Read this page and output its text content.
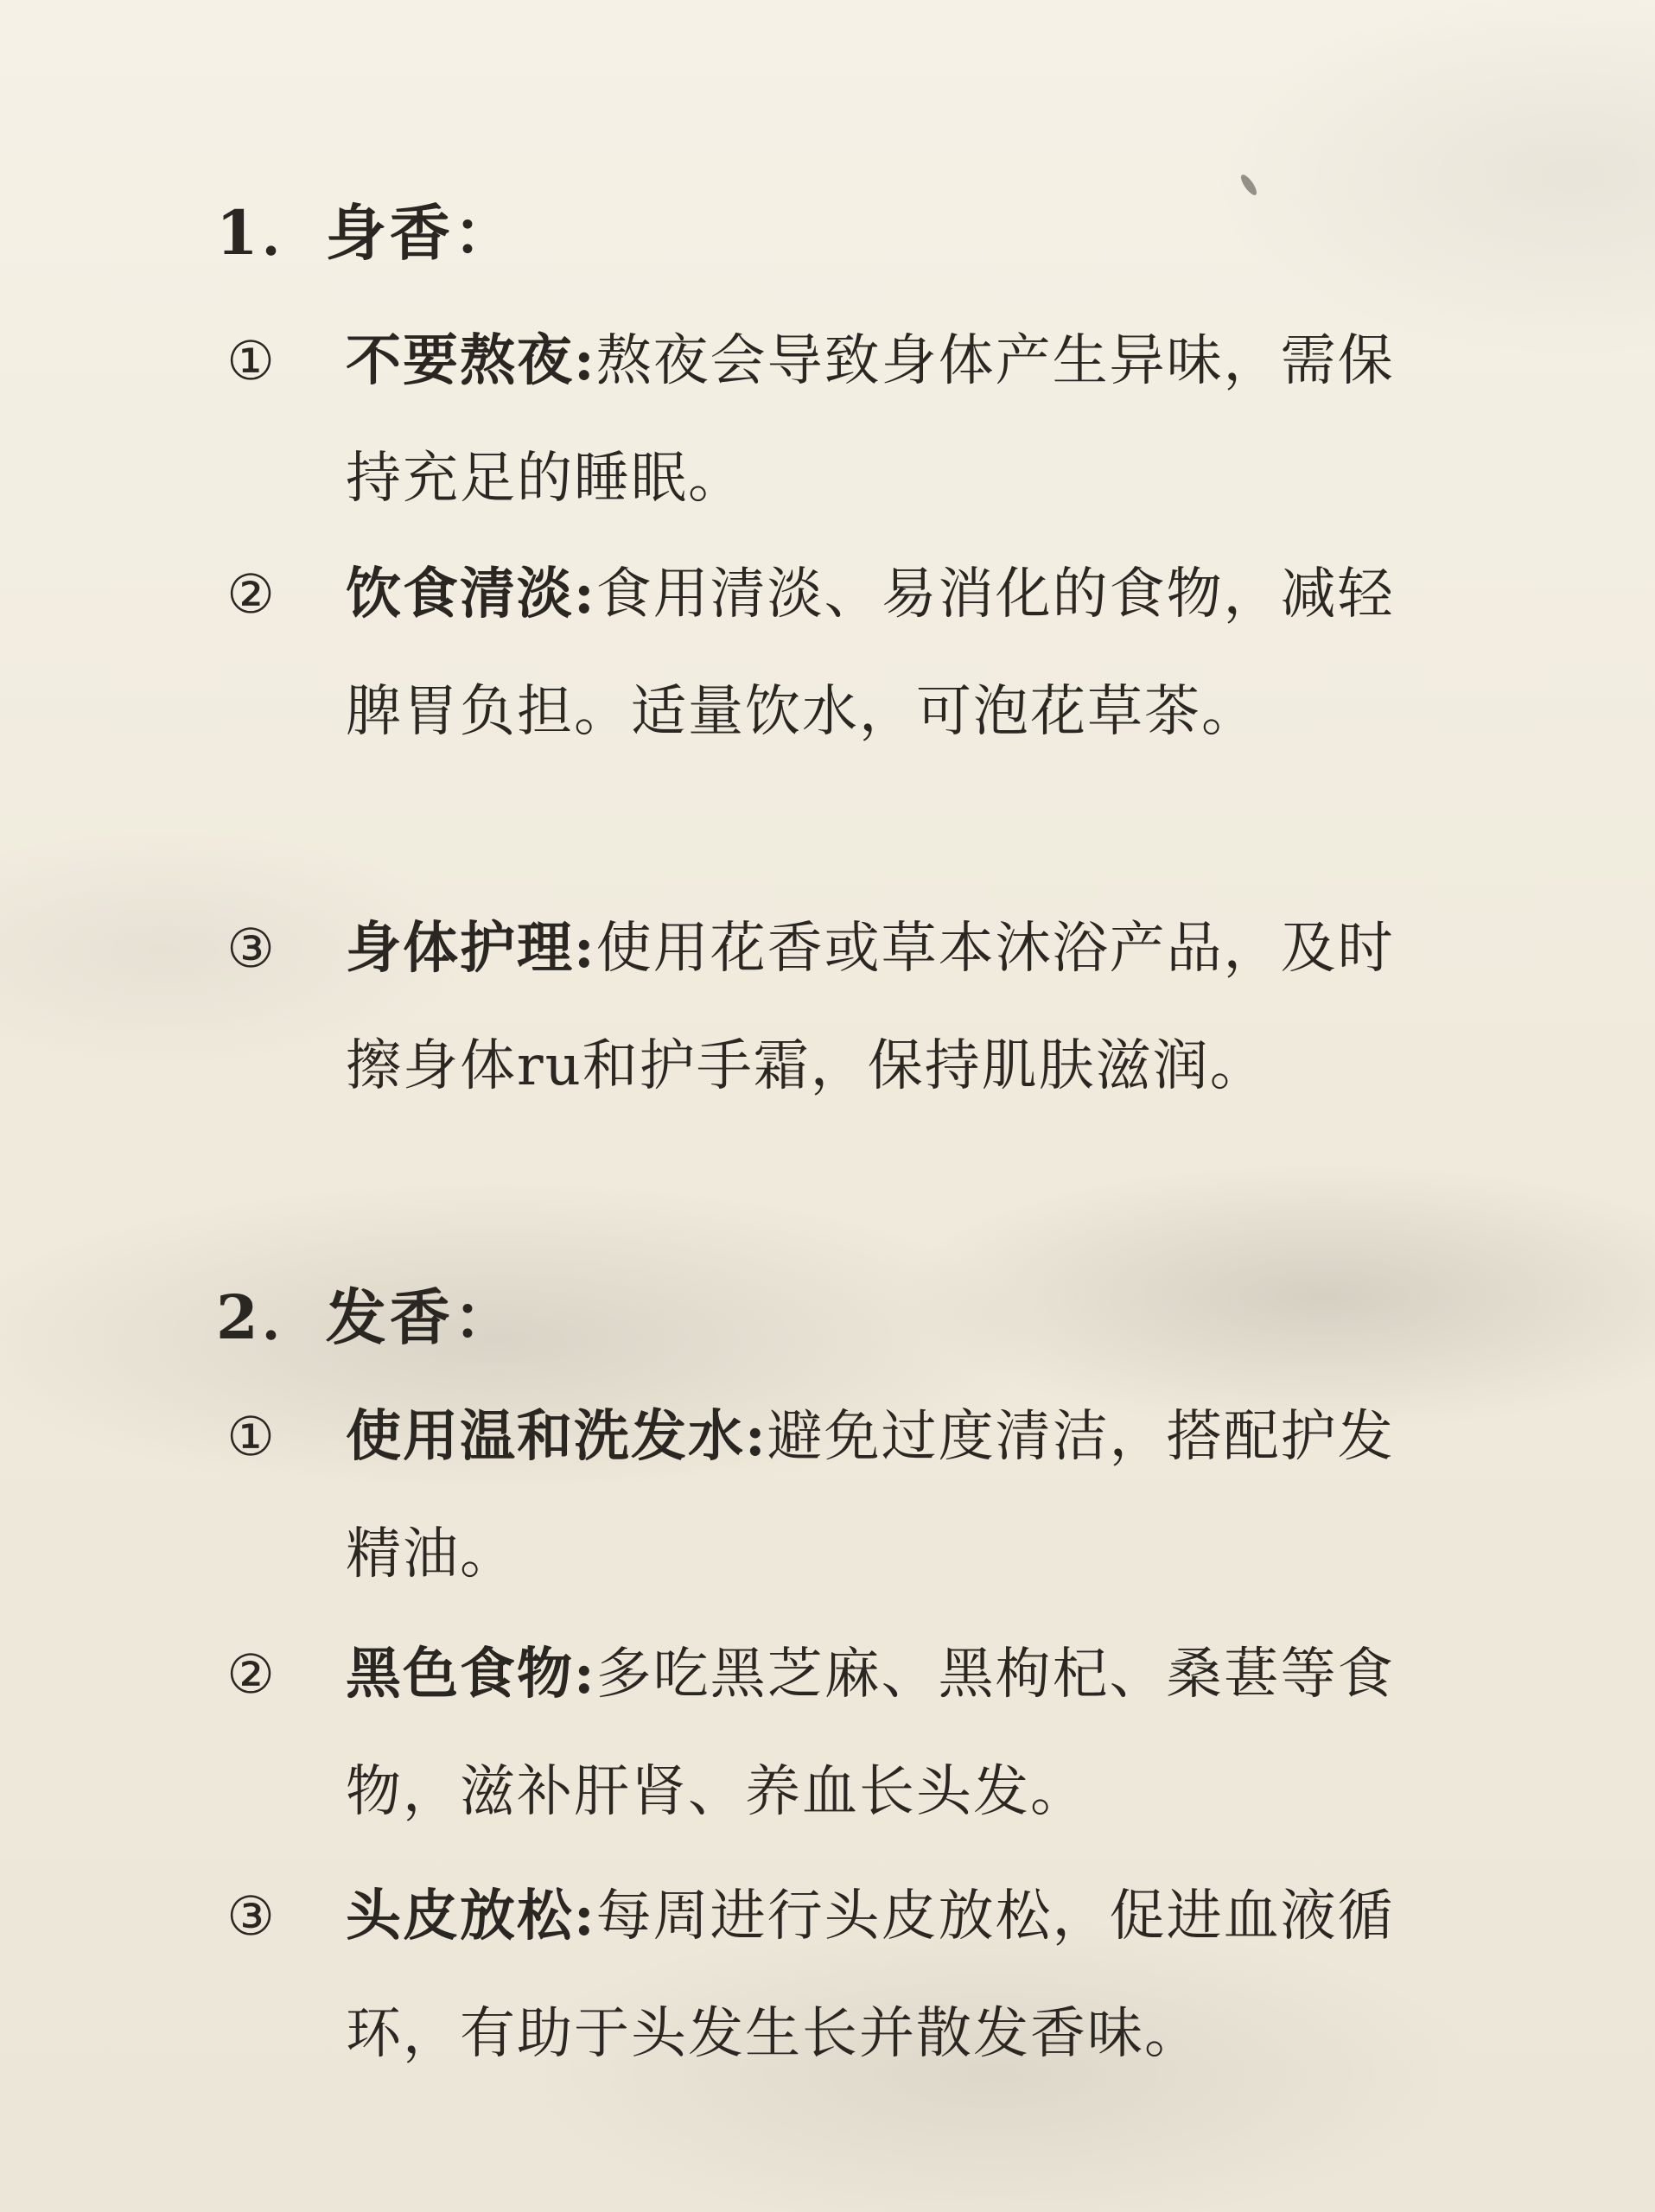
1．身香：
① 不要熬夜:熬夜会导致身体产生异味，需保持充足的睡眠。
② 饮食清淡:食用清淡、易消化的食物，减轻脾胃负担。适量饮水，可泡花草茶。
③ 身体护理:使用花香或草本沐浴产品，及时擦身体ru和护手霜，保持肌肤滋润。
2．发香：
① 使用温和洗发水:避免过度清洁，搭配护发精油。
② 黑色食物:多吃黑芝麻、黑枸杞、桑葚等食物，滋补肝肾、养血长头发。
③ 头皮放松:每周进行头皮放松，促进血液循环，有助于头发生长并散发香味。
